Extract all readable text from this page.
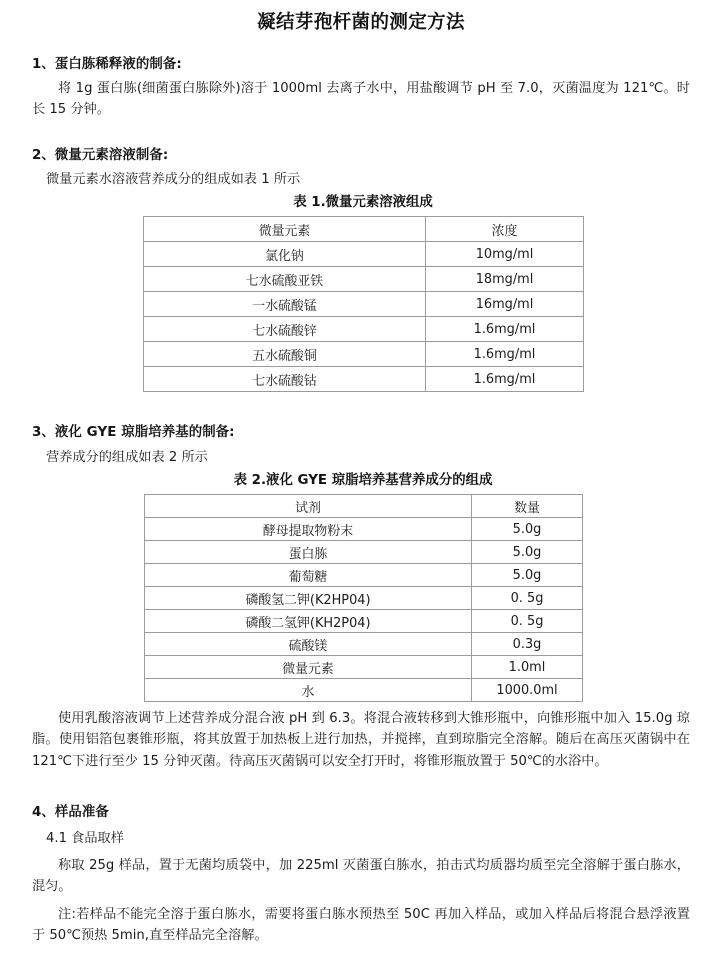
凝结芽孢杆菌的测定方法
1、蛋白胨稀释液的制备:

将 1g 蛋白胨(细菌蛋白胨除外)溶于 1000ml 去离子水中，用盐酸调节 pH 至 7.0，灭菌温度为 121℃。时长 15 分钟。

2、微量元素溶液制备:

微量元素水溶液营养成分的组成如表 1 所示

表 1.微量元素溶液组成
微量元素	浓度
氯化钠	10mg/ml
七水硫酸亚铁	18mg/ml
一水硫酸锰	16mg/ml
七水硫酸锌	1.6mg/ml
五水硫酸铜	1.6mg/ml
七水硫酸钴	1.6mg/ml
3、液化 GYE 琼脂培养基的制备:

营养成分的组成如表 2 所示

表 2.液化 GYE 琼脂培养基营养成分的组成
试剂	数量
酵母提取物粉末	5.0g
蛋白胨	5.0g
葡萄糖	5.0g
磷酸氢二钾(K2HP04)	0. 5g
磷酸二氢钾(KH2P04)	0. 5g
硫酸镁	0.3g
微量元素	1.0ml
水	1000.0ml

使用乳酸溶液调节上述营养成分混合液 pH 到 6.3。将混合液转移到大锥形瓶中，向锥形瓶中加入 15.0g 琼脂。使用铝箔包裹锥形瓶，将其放置于加热板上进行加热，并搅摔，直到琼脂完全溶解。随后在高压灭菌锅中在 121℃下进行至少 15 分钟灭菌。待高压灭菌锅可以安全打开时，将锥形瓶放置于 50℃的水浴中。

4、样品准备
4.1 食品取样

称取 25g 样品，置于无菌均质袋中，加 225ml 灭菌蛋白胨水，拍击式均质器均质至完全溶解于蛋白胨水，混匀。

注:若样品不能完全溶于蛋白胨水，需要将蛋白胨水预热至 50C 再加入样品，或加入样品后将混合悬浮液置于 50℃预热 5min,直至样品完全溶解。
